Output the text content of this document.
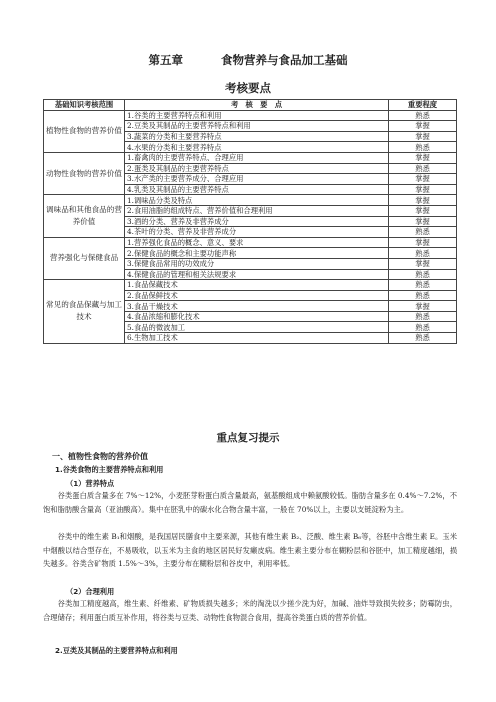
第五章	食物营养与食品加工基础
考核要点
基础知识考核范围	考　核　要　点	重要程度
植物性食物的营养价值	1.谷类的主要营养特点和利用	熟悉
	2.豆类及其制品的主要营养特点和利用	掌握
	3.蔬菜的分类和主要营养特点	掌握
	4.水果的分类和主要营养特点	熟悉
动物性食物的营养价值	1.畜禽肉的主要营养特点、合理应用	掌握
	2.蛋类及其制品的主要营养特点	熟悉
	3.水产类的主要营养成分、合理应用	掌握
	4.乳类及其制品的主要营养特点	掌握
调味品和其他食品的营养价值	1.调味品分类及特点	掌握
	2.食用油脂的组成特点、营养价值和合理利用	掌握
	3.酒的分类、营养及非营养成分	掌握
	4.茶叶的分类、营养及非营养成分	熟悉
营养强化与保健食品	1.营养强化食品的概念、意义、要求	掌握
	2.保健食品的概念和主要功能声称	熟悉
	3.保健食品常用的功效成分	掌握
	4.保健食品的管理和相关法规要求	熟悉
常见的食品保藏与加工技术	1.食品保藏技术	熟悉
	2.食品保鲜技术	熟悉
	3.食品干燥技术	掌握
	4.食品浓缩和膨化技术	熟悉
	5.食品的微波加工	熟悉
	6.生物加工技术	熟悉
重点复习提示
一、植物性食物的营养价值
1.谷类食物的主要营养特点和利用
（1）营养特点
谷类蛋白质含量多在 7%～12%，小麦胚芽粉蛋白质含量最高，氨基酸组成中赖氨酸较低。脂肪含量多在 0.4%～7.2%，不饱和脂肪酸含量高（亚油酸高）。集中在胚乳中的碳水化合物含量丰富，一般在 70%以上，主要以支链淀粉为主。
谷类中的维生素 B₁和烟酸，是我国居民膳食中主要来源，其他有维生素 B₂、泛酸、维生素 B₆等，谷胚中含维生素 E。玉米中烟酸以结合型存在，不易吸收，以玉米为主食的地区居民好发癞皮病。维生素主要分布在糊粉层和谷胚中，加工精度越细，损失越多。谷类含矿物质 1.5%～3%，主要分布在糊粉层和谷皮中，利用率低。
（2）合理利用
谷类加工精度越高，维生素、纤维素、矿物质损失越多；米的淘洗以少搓少洗为好，加碱、油炸导致损失较多；防霉防虫，合理储存；利用蛋白质互补作用，将谷类与豆类、动物性食物混合食用，提高谷类蛋白质的营养价值。
2.豆类及其制品的主要营养特点和利用
